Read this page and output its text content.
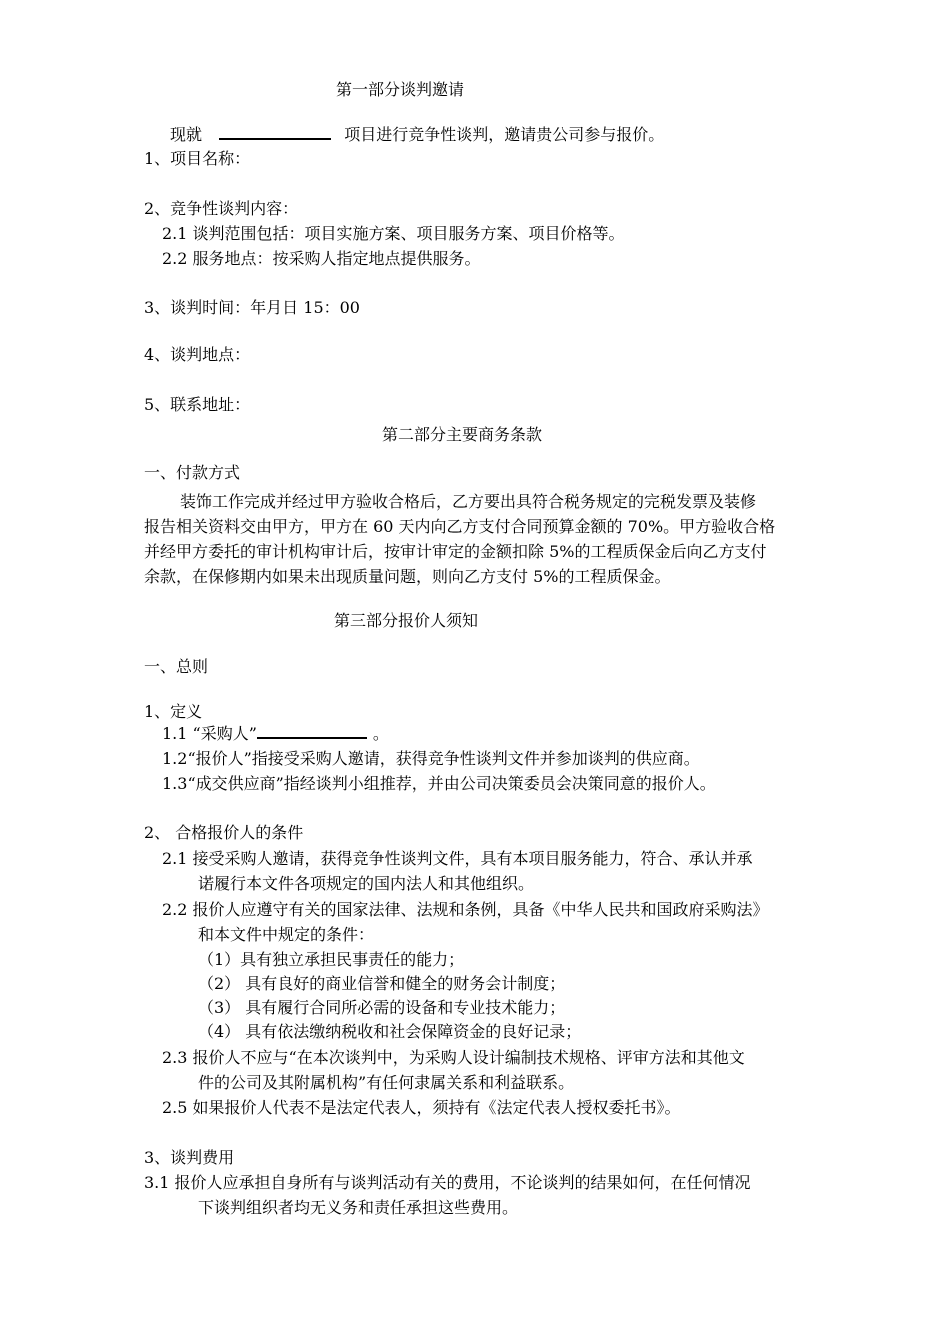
第一部分谈判邀请
现就	项目进行竞争性谈判，邀请贵公司参与报价。
1、项目名称：
2、竞争性谈判内容：
2.1 谈判范围包括：项目实施方案、项目服务方案、项目价格等。
2.2 服务地点：按采购人指定地点提供服务。
3、谈判时间：年月日 15：00
4、谈判地点：
5、联系地址：
第二部分主要商务条款
一、付款方式
装饰工作完成并经过甲方验收合格后，乙方要出具符合税务规定的完税发票及装修
报告相关资料交由甲方，甲方在 60 天内向乙方支付合同预算金额的 70%。甲方验收合格
并经甲方委托的审计机构审计后，按审计审定的金额扣除 5%的工程质保金后向乙方支付
余款，在保修期内如果未出现质量问题，则向乙方支付 5%的工程质保金。
第三部分报价人须知
一、总则
1、定义
1.1 “采购人”	。
1.2“报价人”指接受采购人邀请，获得竞争性谈判文件并参加谈判的供应商。
1.3“成交供应商”指经谈判小组推荐，并由公司决策委员会决策同意的报价人。
2、 合格报价人的条件
2.1 接受采购人邀请，获得竞争性谈判文件，具有本项目服务能力，符合、承认并承
诺履行本文件各项规定的国内法人和其他组织。
2.2 报价人应遵守有关的国家法律、法规和条例，具备《中华人民共和国政府采购法》
和本文件中规定的条件：
（1）具有独立承担民事责任的能力；
（2） 具有良好的商业信誉和健全的财务会计制度；
（3） 具有履行合同所必需的设备和专业技术能力；
（4） 具有依法缴纳税收和社会保障资金的良好记录；
2.3 报价人不应与“在本次谈判中，为采购人设计编制技术规格、评审方法和其他文
件的公司及其附属机构”有任何隶属关系和利益联系。
2.5 如果报价人代表不是法定代表人，须持有《法定代表人授权委托书》。
3、谈判费用
3.1 报价人应承担自身所有与谈判活动有关的费用，不论谈判的结果如何，在任何情况
下谈判组织者均无义务和责任承担这些费用。
